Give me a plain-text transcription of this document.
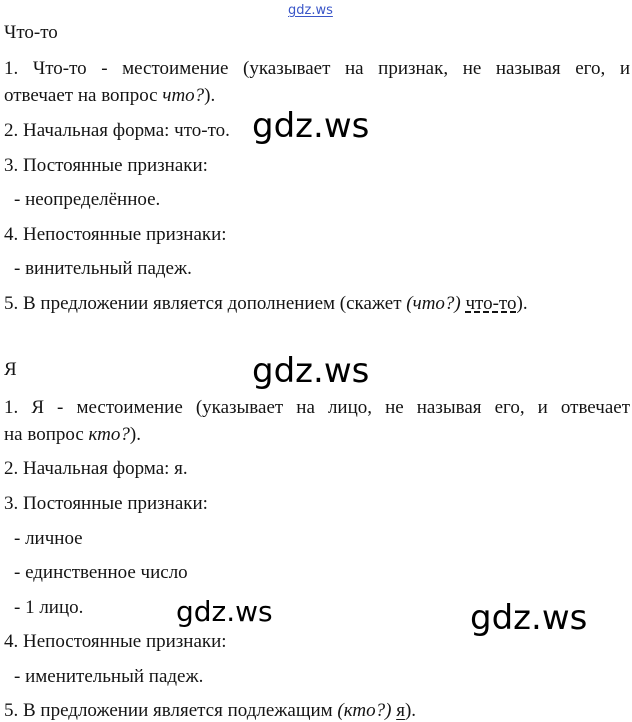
gdz.ws
Что-то
1. Что-то - местоимение (указывает на признак, не называя его, и
отвечает на вопрос что?).
2. Начальная форма: что-то.
3. Постоянные признаки:
- неопределённое.
4. Непостоянные признаки:
- винительный падеж.
5. В предложении является дополнением (скажет (что?) что-то).
Я
1. Я - местоимение (указывает на лицо, не называя его, и отвечает
на вопрос кто?).
2. Начальная форма: я.
3. Постоянные признаки:
- личное
- единственное число
- 1 лицо.
4. Непостоянные признаки:
- именительный падеж.
5. В предложении является подлежащим (кто?) я).
gdz.ws
gdz.ws
gdz.ws	gdz.ws
